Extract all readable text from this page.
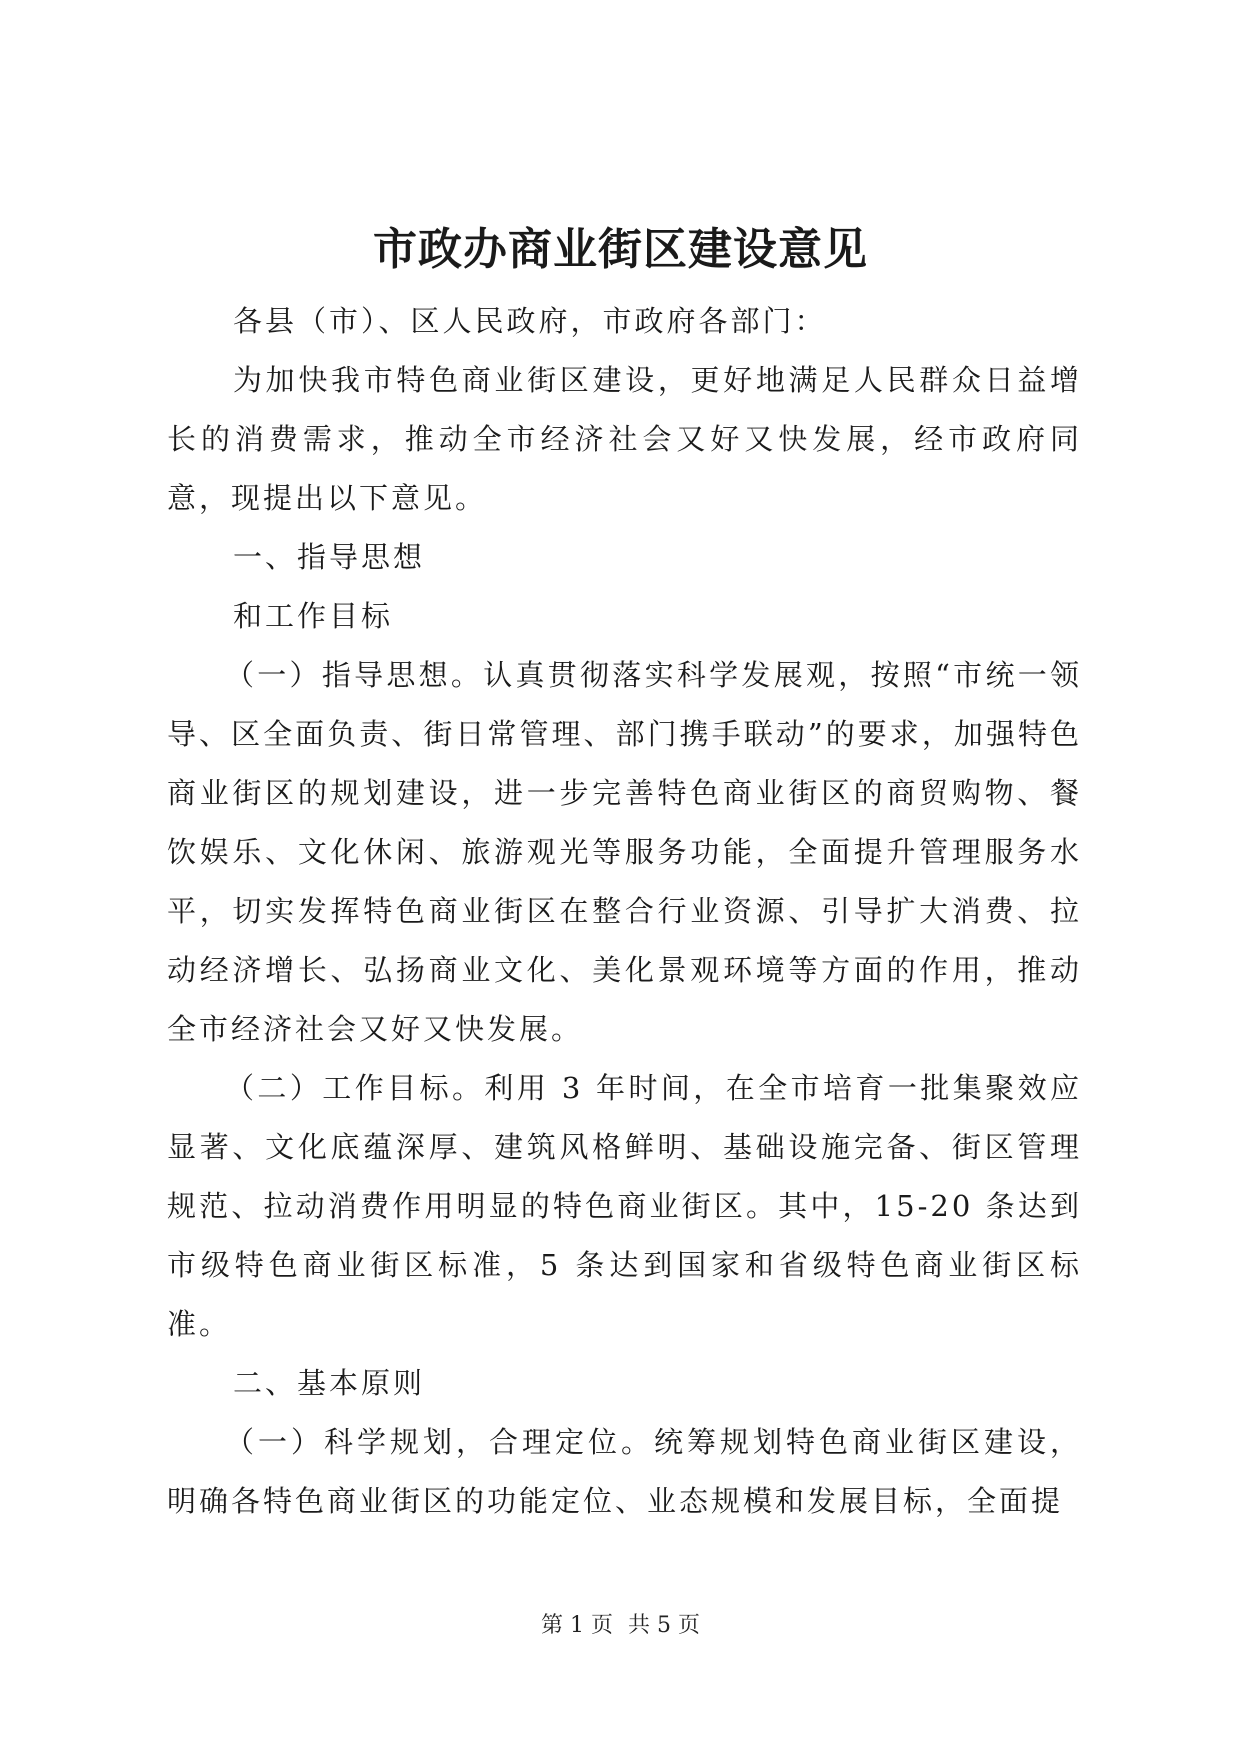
市政办商业街区建设意见

各县（市）、区人民政府，市政府各部门：

为加快我市特色商业街区建设，更好地满足人民群众日益增长的消费需求，推动全市经济社会又好又快发展，经市政府同意，现提出以下意见。

一、指导思想

和工作目标

（一）指导思想。认真贯彻落实科学发展观，按照“市统一领导、区全面负责、街日常管理、部门携手联动”的要求，加强特色商业街区的规划建设，进一步完善特色商业街区的商贸购物、餐饮娱乐、文化休闲、旅游观光等服务功能，全面提升管理服务水平，切实发挥特色商业街区在整合行业资源、引导扩大消费、拉动经济增长、弘扬商业文化、美化景观环境等方面的作用，推动全市经济社会又好又快发展。

（二）工作目标。利用 3 年时间，在全市培育一批集聚效应显著、文化底蕴深厚、建筑风格鲜明、基础设施完备、街区管理规范、拉动消费作用明显的特色商业街区。其中，15-20 条达到市级特色商业街区标准，5 条达到国家和省级特色商业街区标准。

二、基本原则

（一）科学规划，合理定位。统筹规划特色商业街区建设，明确各特色商业街区的功能定位、业态规模和发展目标，全面提

第 1 页 共 5 页
